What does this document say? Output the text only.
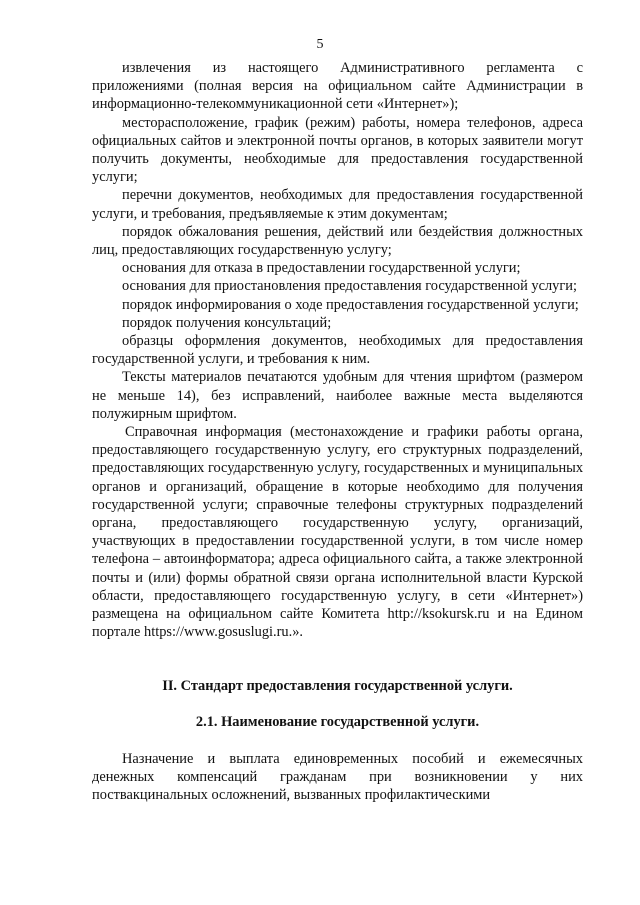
5

извлечения из настоящего Административного регламента с приложениями (полная версия на официальном сайте Администрации в информационно-телекоммуникационной сети «Интернет»);

месторасположение, график (режим) работы, номера телефонов, адреса официальных сайтов и электронной почты органов, в которых заявители могут получить документы, необходимые для предоставления государственной услуги;

перечни документов, необходимых для предоставления государственной услуги, и требования, предъявляемые к этим документам;

порядок обжалования решения, действий или бездействия должностных лиц, предоставляющих государственную услугу;

основания для отказа в предоставлении государственной услуги;

основания для приостановления предоставления государственной услуги;

порядок информирования о ходе предоставления государственной услуги;

порядок получения консультаций;

образцы оформления документов, необходимых для предоставления государственной услуги, и требования к ним.

Тексты материалов печатаются удобным для чтения шрифтом (размером не меньше 14), без исправлений, наиболее важные места выделяются полужирным шрифтом.

Справочная информация (местонахождение и графики работы органа, предоставляющего государственную услугу, его структурных подразделений, предоставляющих государственную услугу, государственных и муниципальных органов и организаций, обращение в которые необходимо для получения государственной услуги; справочные телефоны структурных подразделений органа, предоставляющего государственную услугу, организаций, участвующих в предоставлении государственной услуги, в том числе номер телефона – автоинформатора; адреса официального сайта, а также электронной почты и (или) формы обратной связи органа исполнительной власти Курской области, предоставляющего государственную услугу, в сети «Интернет») размещена на официальном сайте Комитета http://ksokursk.ru и на Едином портале https://www.gosuslugi.ru.».

II. Стандарт предоставления государственной услуги.

2.1. Наименование государственной услуги.

Назначение и выплата единовременных пособий и ежемесячных денежных компенсаций гражданам при возникновении у них поствакцинальных осложнений, вызванных профилактическими
